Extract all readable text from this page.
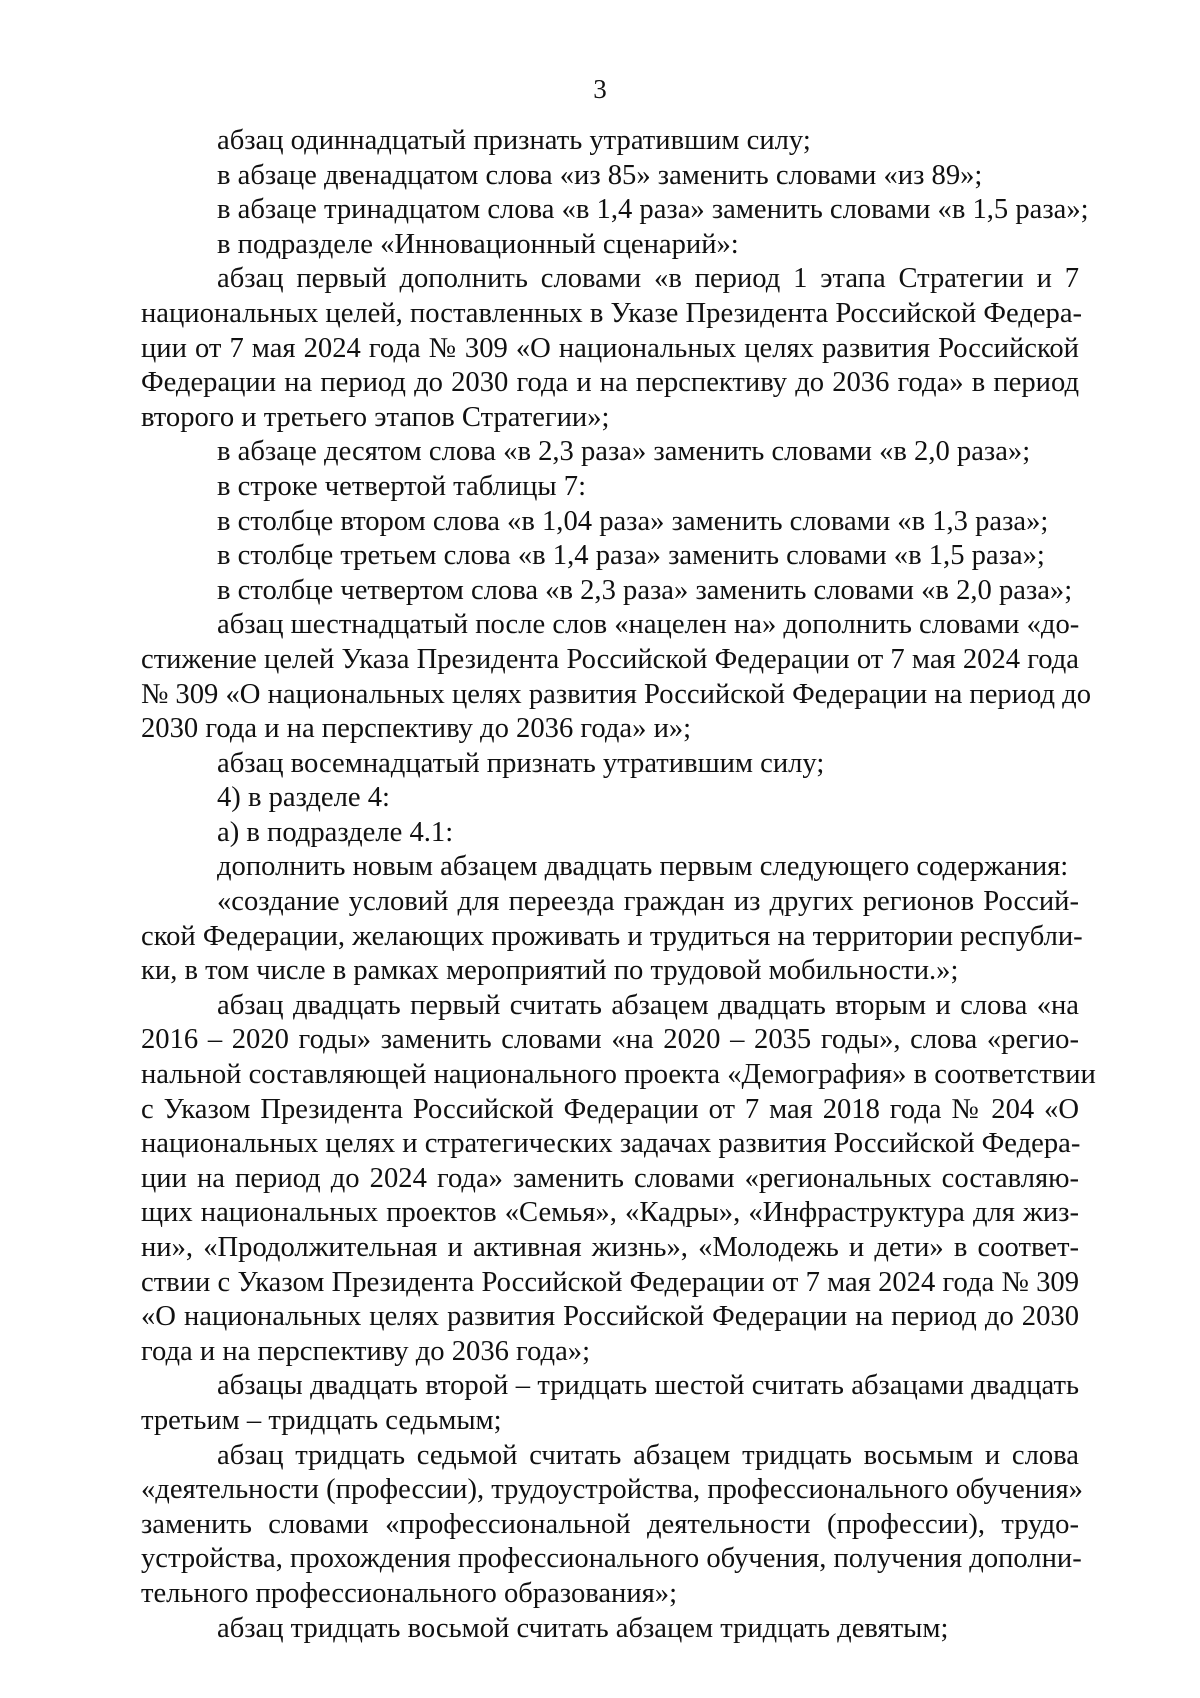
3
абзац одиннадцатый признать утратившим силу;
в абзаце двенадцатом слова «из 85» заменить словами «из 89»;
в абзаце тринадцатом слова «в 1,4 раза» заменить словами «в 1,5 раза»;
в подразделе «Инновационный сценарий»:
абзац первый дополнить словами «в период 1 этапа Стратегии и 7
национальных целей, поставленных в Указе Президента Российской Федера-
ции от 7 мая 2024 года № 309 «О национальных целях развития Российской
Федерации на период до 2030 года и на перспективу до 2036 года» в период
второго и третьего этапов Стратегии»;
в абзаце десятом слова «в 2,3 раза» заменить словами «в 2,0 раза»;
в строке четвертой таблицы 7:
в столбце втором слова «в 1,04 раза» заменить словами «в 1,3 раза»;
в столбце третьем слова «в 1,4 раза» заменить словами «в 1,5 раза»;
в столбце четвертом слова «в 2,3 раза» заменить словами «в 2,0 раза»;
абзац шестнадцатый после слов «нацелен на» дополнить словами «до-
стижение целей Указа Президента Российской Федерации от 7 мая 2024 года
№ 309 «О национальных целях развития Российской Федерации на период до
2030 года и на перспективу до 2036 года» и»;
абзац восемнадцатый признать утратившим силу;
4) в разделе 4:
а) в подразделе 4.1:
дополнить новым абзацем двадцать первым следующего содержания:
«создание условий для переезда граждан из других регионов Россий-
ской Федерации, желающих проживать и трудиться на территории республи-
ки, в том числе в рамках мероприятий по трудовой мобильности.»;
абзац двадцать первый считать абзацем двадцать вторым и слова «на
2016 – 2020 годы» заменить словами «на 2020 – 2035 годы», слова «регио-
нальной составляющей национального проекта «Демография» в соответствии
с Указом Президента Российской Федерации от 7 мая 2018 года № 204 «О
национальных целях и стратегических задачах развития Российской Федера-
ции на период до 2024 года» заменить словами «региональных составляю-
щих национальных проектов «Семья», «Кадры», «Инфраструктура для жиз-
ни», «Продолжительная и активная жизнь», «Молодежь и дети» в соответ-
ствии с Указом Президента Российской Федерации от 7 мая 2024 года № 309
«О национальных целях развития Российской Федерации на период до 2030
года и на перспективу до 2036 года»;
абзацы двадцать второй – тридцать шестой считать абзацами двадцать
третьим – тридцать седьмым;
абзац тридцать седьмой считать абзацем тридцать восьмым и слова
«деятельности (профессии), трудоустройства, профессионального обучения»
заменить словами «профессиональной деятельности (профессии), трудо-
устройства, прохождения профессионального обучения, получения дополни-
тельного профессионального образования»;
абзац тридцать восьмой считать абзацем тридцать девятым;
